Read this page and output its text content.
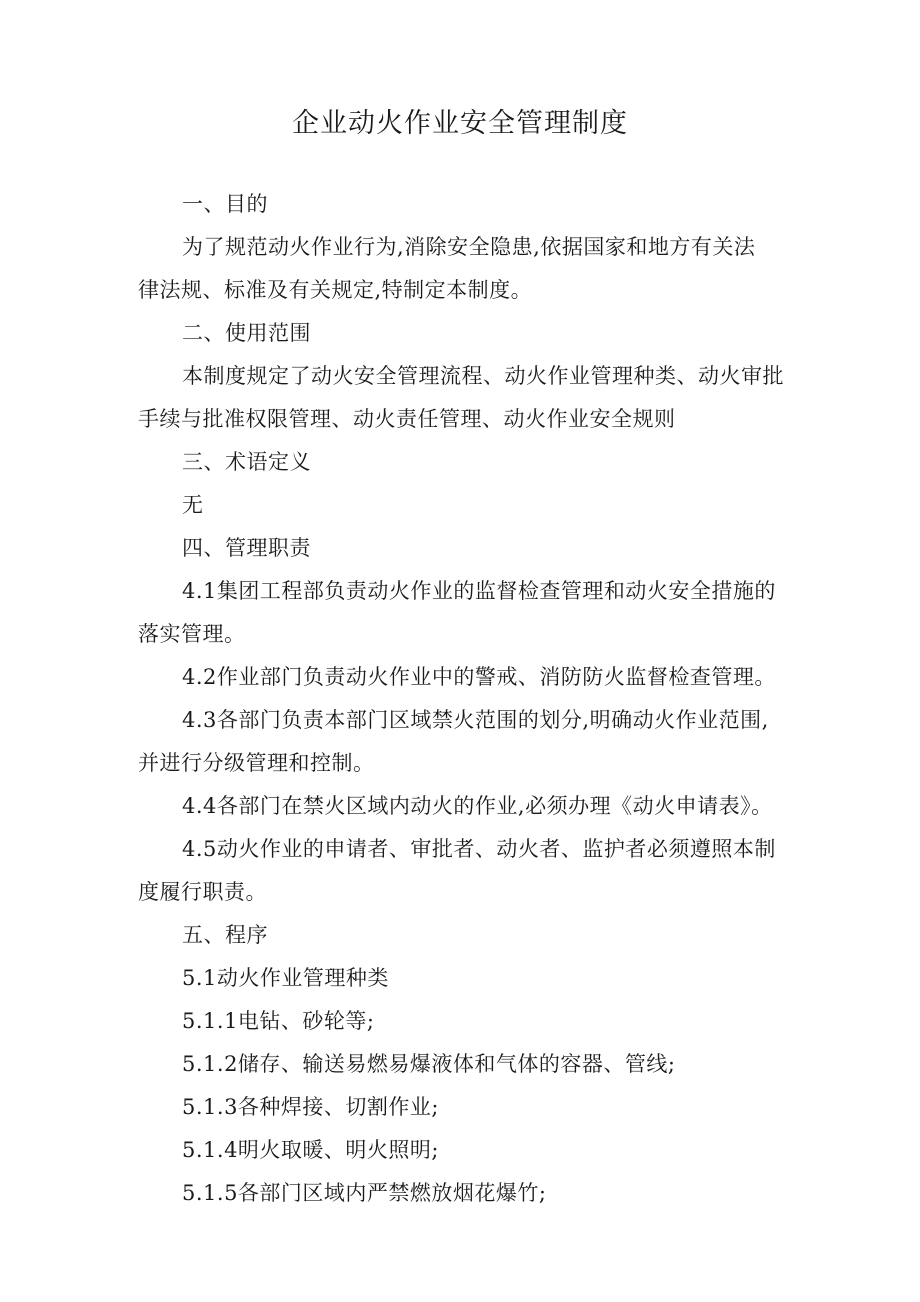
企业动火作业安全管理制度
一、目的
为了规范动火作业行为,消除安全隐患,依据国家和地方有关法
律法规、标准及有关规定,特制定本制度。
二、使用范围
本制度规定了动火安全管理流程、动火作业管理种类、动火审批
手续与批准权限管理、动火责任管理、动火作业安全规则
三、术语定义
无
四、管理职责
4.1集团工程部负责动火作业的监督检查管理和动火安全措施的
落实管理。
4.2作业部门负责动火作业中的警戒、消防防火监督检查管理。
4.3各部门负责本部门区域禁火范围的划分,明确动火作业范围,
并进行分级管理和控制。
4.4各部门在禁火区域内动火的作业,必须办理《动火申请表》。
4.5动火作业的申请者、审批者、动火者、监护者必须遵照本制
度履行职责。
五、程序
5.1动火作业管理种类
5.1.1电钻、砂轮等;
5.1.2储存、输送易燃易爆液体和气体的容器、管线;
5.1.3各种焊接、切割作业;
5.1.4明火取暖、明火照明;
5.1.5各部门区域内严禁燃放烟花爆竹;
